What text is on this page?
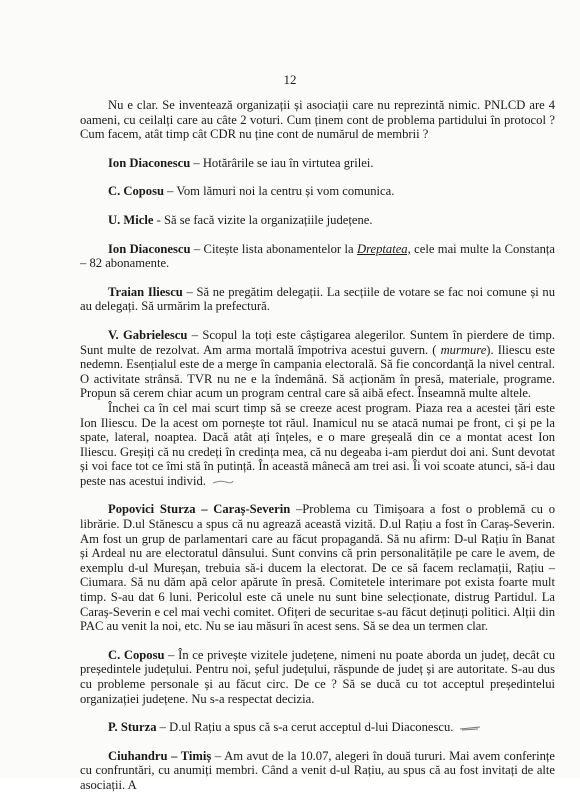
12

Nu e clar. Se inventează organizații și asociații care nu reprezintă nimic. PNLCD are 4 oameni, cu ceilalți care au câte 2 voturi. Cum ținem cont de problema partidului în protocol ? Cum facem, atât timp cât CDR nu ține cont de numărul de membrii ?

Ion Diaconescu – Hotărârile se iau în virtutea grilei.

C. Coposu – Vom lămuri noi la centru și vom comunica.

U. Micle - Să se facă vizite la organizațiile județene.

Ion Diaconescu – Citește lista abonamentelor la Dreptatea, cele mai multe la Constanța – 82 abonamente.

Traian Iliescu – Să ne pregătim delegații. La secțiile de votare se fac noi comune și nu au delegați. Să urmărim la prefectură.

V. Gabrielescu – Scopul la toți este câștigarea alegerilor. Suntem în pierdere de timp. Sunt multe de rezolvat. Am arma mortală împotriva acestui guvern. ( murmure). Iliescu este nedemn. Esențialul este de a merge în campania electorală. Să fie concordanță la nivel central. O activitate strânsă. TVR nu ne e la îndemână. Să acționăm în presă, materiale, programe. Propun să cerem chiar acum un program central care să aibă efect. Înseamnă multe altele.

Închei ca în cel mai scurt timp să se creeze acest program. Piaza rea a acestei țări este Ion Iliescu. De la acest om pornește tot răul. Inamicul nu se atacă numai pe front, ci și pe la spate, lateral, noaptea. Dacă atât ați înțeles, e o mare greșeală din ce a montat acest Ion Iliescu. Greșiți că nu credeți în credința mea, că nu degeaba i-am pierdut doi ani. Sunt devotat și voi face tot ce îmi stă în putință. În această mânecă am trei asi. Îi voi scoate atunci, să-i dau peste nas acestui individ.

Popovici Sturza – Caraș-Severin –Problema cu Timișoara a fost o problemă cu o librărie. D.ul Stănescu a spus că nu agrează această vizită. D.ul Rațiu a fost în Caraș-Severin. Am fost un grup de parlamentari care au făcut propagandă. Să nu afirm: D-ul Rațiu în Banat și Ardeal nu are electoratul dânsului. Sunt convins că prin personalitățile pe care le avem, de exemplu d-ul Mureșan, trebuia să-i ducem la electorat. De ce să facem reclamații, Rațiu – Ciumara. Să nu dăm apă celor apărute în presă. Comitetele interimare pot exista foarte mult timp. S-au dat 6 luni. Pericolul este că unele nu sunt bine selecționate, distrug Partidul. La Caraș-Severin e cel mai vechi comitet. Ofițeri de securitae s-au făcut deținuți politici. Alții din PAC au venit la noi, etc. Nu se iau măsuri în acest sens. Să se dea un termen clar.

C. Coposu – În ce privește vizitele județene, nimeni nu poate aborda un județ, decât cu președintele județului. Pentru noi, șeful județului, răspunde de județ și are autoritate. S-au dus cu probleme personale și au făcut circ. De ce ? Să se ducă cu tot acceptul președintelui organizației județene. Nu s-a respectat decizia.

P. Sturza – D.ul Rațiu a spus că s-a cerut acceptul d-lui Diaconescu.

Ciuhandru – Timiș – Am avut de la 10.07, alegeri în două tururi. Mai avem conferințe cu confruntări, cu anumiți membri. Când a venit d-ul Rațiu, au spus că au fost invitați de alte asociații. A
